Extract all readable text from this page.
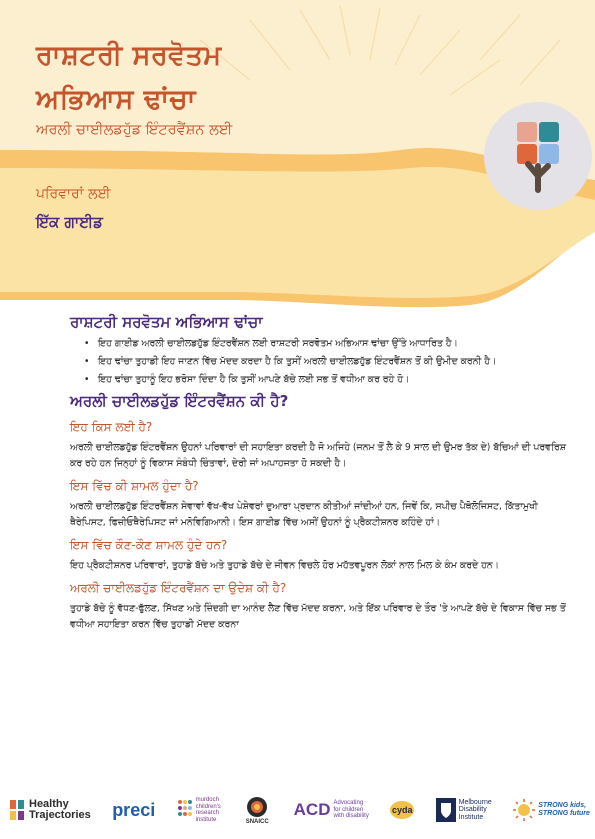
ਰਾਸ਼ਟਰੀ ਸਰਵੋਤਮ
ਅਭਿਆਸ ਢਾਂਚਾ
ਅਰਲੀ ਚਾਈਲਡਹੁੱਡ ਇੰਟਰਵੈਂਸ਼ਨ ਲਈ
ਪਰਿਵਾਰਾਂ ਲਈ
ਇੱਕ ਗਾਈਡ
ਰਾਸ਼ਟਰੀ ਸਰਵੋਤਮ ਅਭਿਆਸ ਢਾਂਚਾ
• ਇਹ ਗਾਈਡ ਅਰਲੀ ਚਾਈਲਡਹੁੱਡ ਇੰਟਰਵੈਂਸ਼ਨ ਲਈ ਰਾਸ਼ਟਰੀ ਸਰਵੋਤਮ ਅਭਿਆਸ ਢਾਂਚਾ ਉੱਤੇ ਆਧਾਰਿਤ ਹੈ।
• ਇਹ ਢਾਂਚਾ ਤੁਹਾਡੀ ਇਹ ਜਾਣਨ ਵਿੱਚ ਮੱਦਦ ਕਰਦਾ ਹੈ ਕਿ ਤੁਸੀਂ ਅਰਲੀ ਚਾਈਲਡਹੁੱਡ ਇੰਟਰਵੈਂਸ਼ਨ ਤੋਂ ਕੀ ਉਮੀਦ ਕਰਨੀ ਹੈ।
• ਇਹ ਢਾਂਚਾ ਤੁਹਾਨੂੰ ਇਹ ਭਰੋਸਾ ਦਿੰਦਾ ਹੈ ਕਿ ਤੁਸੀਂ ਆਪਣੇ ਬੱਚੇ ਲਈ ਸਭ ਤੋਂ ਵਧੀਆ ਕਰ ਰਹੇ ਹੋ।
ਅਰਲੀ ਚਾਈਲਡਹੁੱਡ ਇੰਟਰਵੈਂਸ਼ਨ ਕੀ ਹੈ?
ਇਹ ਕਿਸ ਲਈ ਹੈ?
ਅਰਲੀ ਚਾਈਲਡਹੁੱਡ ਇੰਟਰਵੈਂਸ਼ਨ ਉਹਨਾਂ ਪਰਿਵਾਰਾਂ ਦੀ ਸਹਾਇਤਾ ਕਰਦੀ ਹੈ ਜੋ ਅਜਿਹੇ (ਜਨਮ ਤੋਂ ਲੈ ਕੇ 9 ਸਾਲ ਦੀ ਉਮਰ ਤੱਕ ਦੇ) ਬੱਚਿਆਂ ਦੀ ਪਰਵਰਿਸ਼ ਕਰ ਰਹੇ ਹਨ ਜਿਨ੍ਹਾਂ ਨੂੰ ਵਿਕਾਸ ਸੰਬੰਧੀ ਚਿੰਤਾਵਾਂ, ਦੇਰੀ ਜਾਂ ਅਪਾਹਜਤਾ ਹੋ ਸਕਦੀ ਹੈ।
ਇਸ ਵਿੱਚ ਕੀ ਸ਼ਾਮਲ ਹੁੰਦਾ ਹੈ?
ਅਰਲੀ ਚਾਈਲਡਹੁੱਡ ਇੰਟਰਵੈਂਸ਼ਨ ਸੇਵਾਵਾਂ ਵੱਖ-ਵੱਖ ਪੇਸ਼ੇਵਰਾਂ ਦੁਆਰਾ ਪ੍ਰਦਾਨ ਕੀਤੀਆਂ ਜਾਂਦੀਆਂ ਹਨ, ਜਿਵੇਂ ਕਿ, ਸਪੀਚ ਪੈਥੋਲੋਜਿਸਟ, ਕਿੱਤਾਮੁਖੀ ਥੈਰੇਪਿਸਟ, ਫਿਜ਼ੀਓਥੈਰੇਪਿਸਟ ਜਾਂ ਮਨੋਵਿਗਿਆਨੀ। ਇਸ ਗਾਈਡ ਵਿੱਚ ਅਸੀਂ ਉਹਨਾਂ ਨੂੰ ਪ੍ਰੈਕਟੀਸ਼ਨਰ ਕਹਿੰਦੇ ਹਾਂ।
ਇਸ ਵਿੱਚ ਕੌਣ-ਕੌਣ ਸ਼ਾਮਲ ਹੁੰਦੇ ਹਨ?
ਇਹ ਪ੍ਰੈਕਟੀਸ਼ਨਰ ਪਰਿਵਾਰਾਂ, ਤੁਹਾਡੇ ਬੱਚੇ ਅਤੇ ਤੁਹਾਡੇ ਬੱਚੇ ਦੇ ਜੀਵਨ ਵਿਚਲੇ ਹੋਰ ਮਹੱਤਵਪੂਰਨ ਲੋਕਾਂ ਨਾਲ ਮਿਲ ਕੇ ਕੰਮ ਕਰਦੇ ਹਨ।
ਅਰਲੀ ਚਾਈਲਡਹੁੱਡ ਇੰਟਰਵੈਂਸ਼ਨ ਦਾ ਉਦੇਸ਼ ਕੀ ਹੈ?
ਤੁਹਾਡੇ ਬੱਚੇ ਨੂੰ ਵੱਧਣ-ਫੁੱਲਣ, ਸਿੱਖਣ ਅਤੇ ਜ਼ਿੰਦਗੀ ਦਾ ਆਨੰਦ ਲੈਣ ਵਿੱਚ ਮੱਦਦ ਕਰਨਾ, ਅਤੇ ਇੱਕ ਪਰਿਵਾਰ ਦੇ ਤੌਰ 'ਤੇ ਆਪਣੇ ਬੱਚੇ ਦੇ ਵਿਕਾਸ ਵਿੱਚ ਸਭ ਤੋਂ ਵਧੀਆ ਸਹਾਇਤਾ ਕਰਨ ਵਿੱਚ ਤੁਹਾਡੀ ਮੱਦਦ ਕਰਨਾ
Healthy
Trajectories preci	murdoch
children's
research
institute	SNAICC
ACD Advocating
for children
with disability
cyda
Melbourne
Disability
Institute
STRONG kids,
STRONG future
